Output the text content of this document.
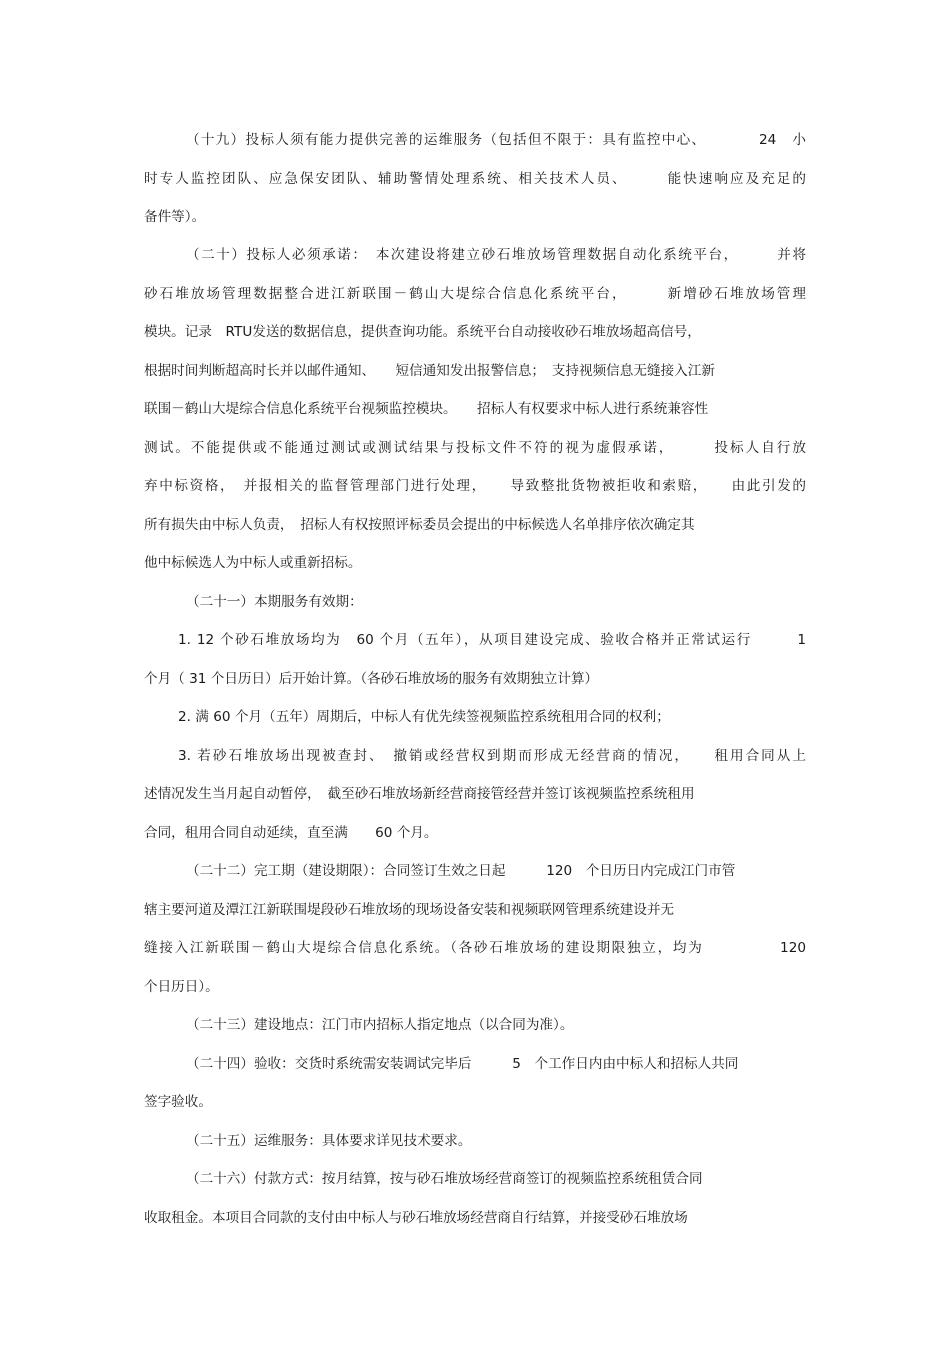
（十九）投标人须有能力提供完善的运维服务（包括但不限于：具有监控中心、　　　　24　小
时专人监控团队、应急保安团队、辅助警情处理系统、相关技术人员、　　　能快速响应及充足的
备件等）。
（二十）投标人必须承诺：　本次建设将建立砂石堆放场管理数据自动化系统平台，　　　并将
砂石堆放场管理数据整合进江新联围－鹤山大堤综合信息化系统平台，　　　新增砂石堆放场管理
模块。记录　RTU发送的数据信息，提供查询功能。系统平台自动接收砂石堆放场超高信号，
根据时间判断超高时长并以邮件通知、　　短信通知发出报警信息；　支持视频信息无缝接入江新
联围－鹤山大堤综合信息化系统平台视频监控模块。　　招标人有权要求中标人进行系统兼容性
测试。不能提供或不能通过测试或测试结果与投标文件不符的视为虚假承诺，　　　投标人自行放
弃中标资格，　并报相关的监督管理部门进行处理，　　导致整批货物被拒收和索赔，　　由此引发的
所有损失由中标人负责，　招标人有权按照评标委员会提出的中标候选人名单排序依次确定其
他中标候选人为中标人或重新招标。
（二十一）本期服务有效期：
1. 12 个砂石堆放场均为　60 个月（五年），从项目建设完成、验收合格并正常试运行　　　1
个月（ 31 个日历日）后开始计算。（各砂石堆放场的服务有效期独立计算）
2. 满 60 个月（五年）周期后，中标人有优先续签视频监控系统租用合同的权利；
3. 若砂石堆放场出现被查封、　撤销或经营权到期而形成无经营商的情况，　　租用合同从上
述情况发生当月起自动暂停，　截至砂石堆放场新经营商接管经营并签订该视频监控系统租用
合同，租用合同自动延续，直至满　　60 个月。
（二十二）完工期（建设期限）：合同签订生效之日起　　　120　个日历日内完成江门市管
辖主要河道及潭江江新联围堤段砂石堆放场的现场设备安装和视频联网管理系统建设并无
缝接入江新联围－鹤山大堤综合信息化系统。（各砂石堆放场的建设期限独立，均为　　　　　120
个日历日）。
（二十三）建设地点：江门市内招标人指定地点（以合同为准）。
（二十四）验收：交货时系统需安装调试完毕后　　　5　个工作日内由中标人和招标人共同
签字验收。
（二十五）运维服务：具体要求详见技术要求。
（二十六）付款方式：按月结算，按与砂石堆放场经营商签订的视频监控系统租赁合同
收取租金。本项目合同款的支付由中标人与砂石堆放场经营商自行结算，并接受砂石堆放场
